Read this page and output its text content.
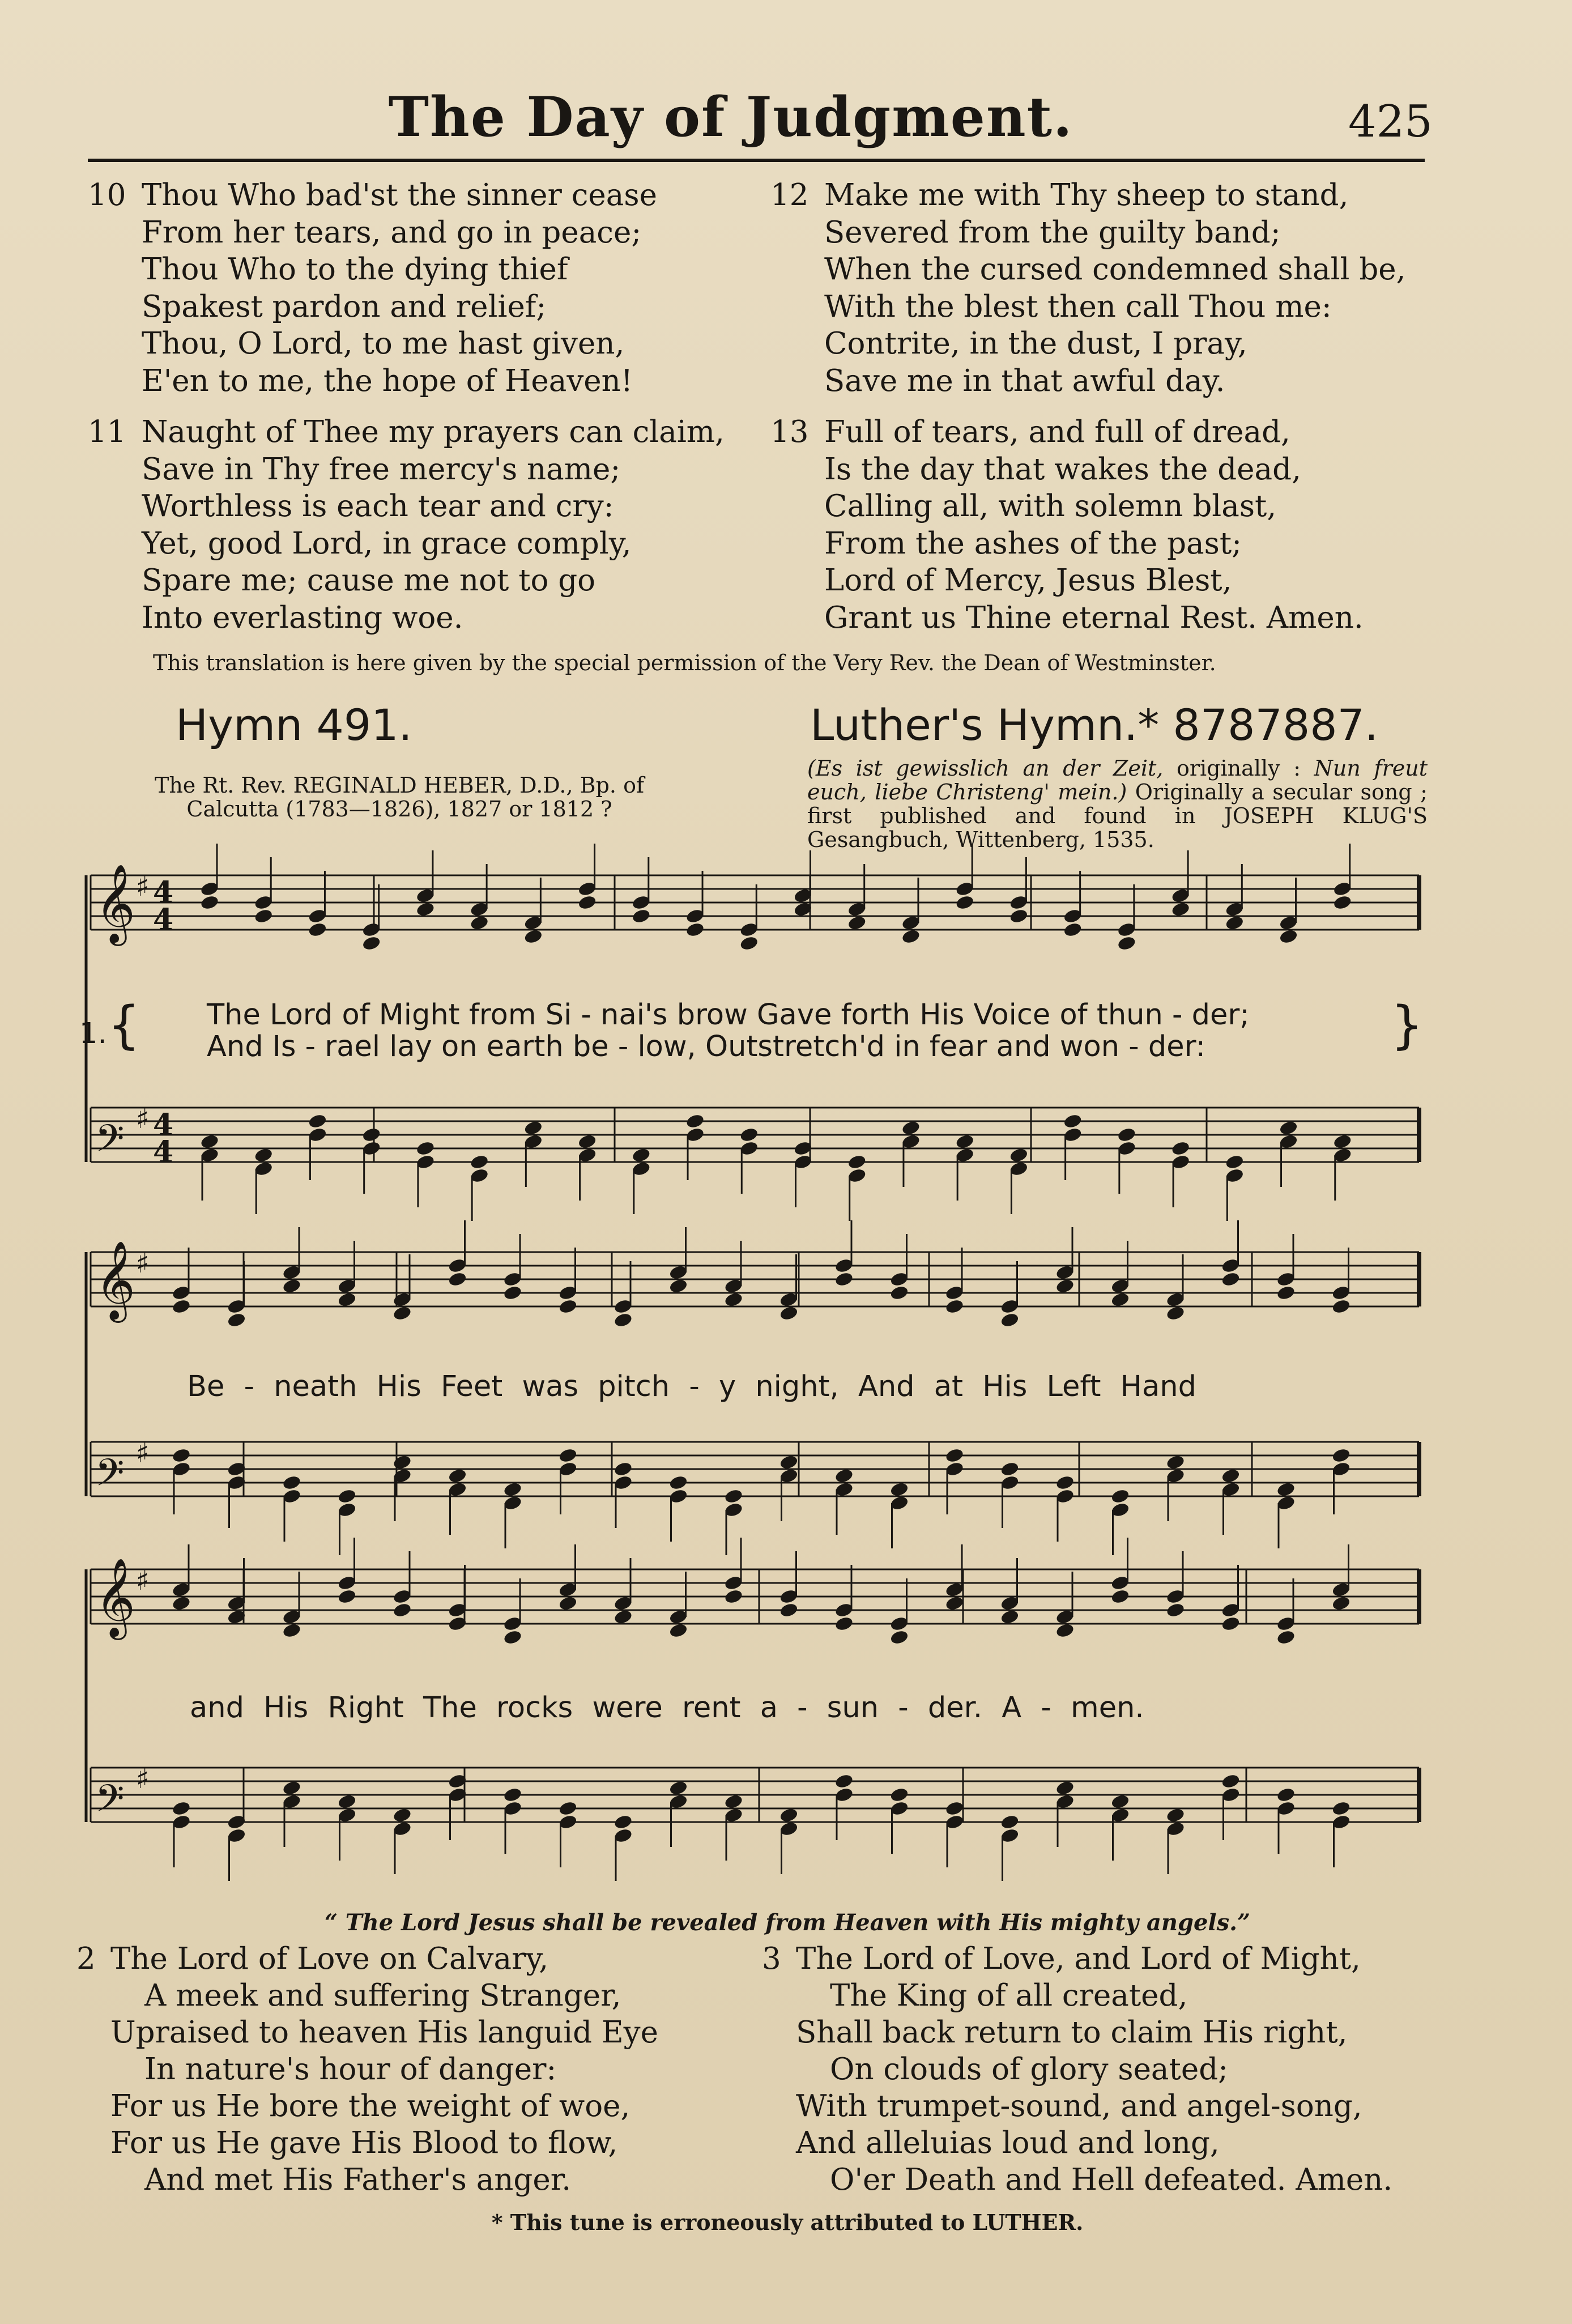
The Day of Judgment.	425
10 Thou Who bad'st the sinner cease
From her tears, and go in peace;
Thou Who to the dying thief
Spakest pardon and relief;
Thou, O Lord, to me hast given,
E'en to me, the hope of Heaven!
11 Naught of Thee my prayers can claim,
Save in Thy free mercy's name;
Worthless is each tear and cry:
Yet, good Lord, in grace comply,
Spare me; cause me not to go
Into everlasting woe.
12 Make me with Thy sheep to stand,
Severed from the guilty band;
When the cursed condemned shall be,
With the blest then call Thou me:
Contrite, in the dust, I pray,
Save me in that awful day.
13 Full of tears, and full of dread,
Is the day that wakes the dead,
Calling all, with solemn blast,
From the ashes of the past;
Lord of Mercy, Jesus Blest,
Grant us Thine eternal Rest. Amen.
This translation is here given by the special permission of the Very Rev. the Dean of Westminster.
Hymn 491.	Luther's Hymn.* 8787887.
The Rt. Rev. REGINALD HEBER, D.D., Bp. of
Calcutta (1783—1826), 1827 or 1812 ?
(Es ist gewisslich an der Zeit, originally : Nun freut euch, liebe Christeng' mein.) Originally a secular song ; first published and found in JOSEPH KLUG'S Gesangbuch, Wittenberg, 1535.
𝄞 ♯ 4
4
𝄢 ♯ 4
4
𝄞 ♯
𝄢 ♯
𝄞 ♯
𝄢 ♯
1. { The Lord of Might from Si - nai's brow Gave forth His Voice of thun - der;
And Is - rael lay on earth be - low, Outstretch'd in fear and won - der:	}
Be - neath His Feet was pitch - y night, And at His Left Hand
and His Right The rocks were rent a - sun - der. A - men.
“ The Lord Jesus shall be revealed from Heaven with His mighty angels.”
2 The Lord of Love on Calvary,
A meek and suffering Stranger,
Upraised to heaven His languid Eye
In nature's hour of danger:
For us He bore the weight of woe,
For us He gave His Blood to flow,
And met His Father's anger.
3 The Lord of Love, and Lord of Might,
The King of all created,
Shall back return to claim His right,
On clouds of glory seated;
With trumpet-sound, and angel-song,
And alleluias loud and long,
O'er Death and Hell defeated. Amen.
* This tune is erroneously attributed to LUTHER.
